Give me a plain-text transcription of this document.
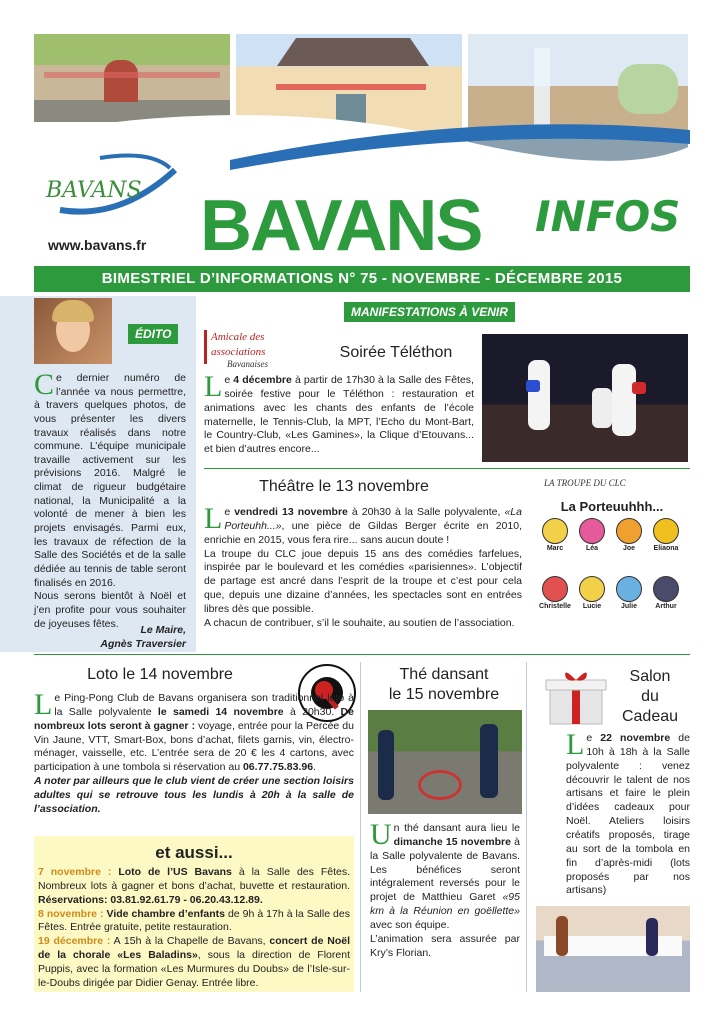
BAVANS
www.bavans.fr BAVANS INFOS
BIMESTRIEL D’INFORMATIONS N° 75 - NOVEMBRE - DÉCEMBRE 2015
ÉDITO
Ce dernier numéro de l’année va nous permettre, à travers quelques photos, de vous présenter les divers travaux réalisés dans notre commune. L’équipe municipale travaille activement sur les prévisions 2016. Malgré le climat de rigueur budgétaire national, la Municipalité a la volonté de mener à bien les projets envisagés. Parmi eux, les travaux de réfection de la Salle des Sociétés et de la salle dédiée au tennis de table seront finalisés en 2016.
Nous serons bientôt à Noël et j’en profite pour vous souhaiter de joyeuses fêtes.
Le Maire,
Agnès Traversier
MANIFESTATIONS À VENIR
Amicale des associations
Bavanaises
Soirée Téléthon
Le 4 décembre à partir de 17h30 à la Salle des Fêtes, soirée festive pour le Téléthon : restauration et animations avec les chants des enfants de l’école maternelle, le Tennis-Club, la MPT, l’Echo du Mont-Bart, le Country-Club, «Les Gamines», la Clique d’Etouvans... et bien d’autres encore...
Théâtre le 13 novembre
Le vendredi 13 novembre à 20h30 à la Salle polyvalente, «La Porteuhh...», une pièce de Gildas Berger écrite en 2010, enrichie en 2015, vous fera rire... sans aucun doute !
La troupe du CLC joue depuis 15 ans des comédies farfelues, inspirée par le boulevard et les comédies «parisiennes». L’objectif de partage est ancré dans l’esprit de la troupe et c’est pour cela que, depuis une dizaine d’années, les spectacles sont en entrées libres dès que possible.
A chacun de contribuer, s’il le souhaite, au soutien de l’association.
LA TROUPE DU CLC
La Porteuuhhh...
Marc	Léa	Joe	Eliaona
Christelle	Lucie	Julie	Arthur
Loto le 14 novembre
Le Ping-Pong Club de Bavans organisera son traditionnel loto à la Salle polyvalente le samedi 14 novembre à 20h30. De nombreux lots seront à gagner : voyage, entrée pour la Percée du Vin Jaune, VTT, Smart-Box, bons d’achat, filets garnis, vin, électro-ménager, vaisselle, etc. L’entrée sera de 20 € les 4 cartons, avec participation à une tombola si réservation au 06.77.75.83.96.
A noter par ailleurs que le club vient de créer une section loisirs adultes qui se retrouve tous les lundis à 20h à la salle de l’association.
et aussi...
7 novembre : Loto de l’US Bavans à la Salle des Fêtes. Nombreux lots à gagner et bons d’achat, buvette et restauration. Réservations: 03.81.92.61.79 - 06.20.43.12.89.
8 novembre : Vide chambre d’enfants de 9h à 17h à la Salle des Fêtes. Entrée gratuite, petite restauration.
19 décembre : A 15h à la Chapelle de Bavans, concert de Noël de la chorale «Les Baladins», sous la direction de Florent Puppis, avec la formation «Les Murmures du Doubs» de l’Isle-sur-le-Doubs dirigée par Didier Genay. Entrée libre.
Thé dansant
le 15 novembre
Un thé dansant aura lieu le dimanche 15 novembre à la Salle polyvalente de Bavans. Les bénéfices seront intégralement reversés pour le projet de Matthieu Garet «95 km à la Réunion en goëllette» avec son équipe.
L’animation sera assurée par Kry’s Florian.
Salon
du
Cadeau
Le 22 novembre de 10h à 18h à la Salle polyvalente : venez découvrir le talent de nos artisans et faire le plein d’idées cadeaux pour Noël. Ateliers loisirs créatifs proposés, tirage au sort de la tombola en fin d’après-midi (lots proposés par nos artisans)
